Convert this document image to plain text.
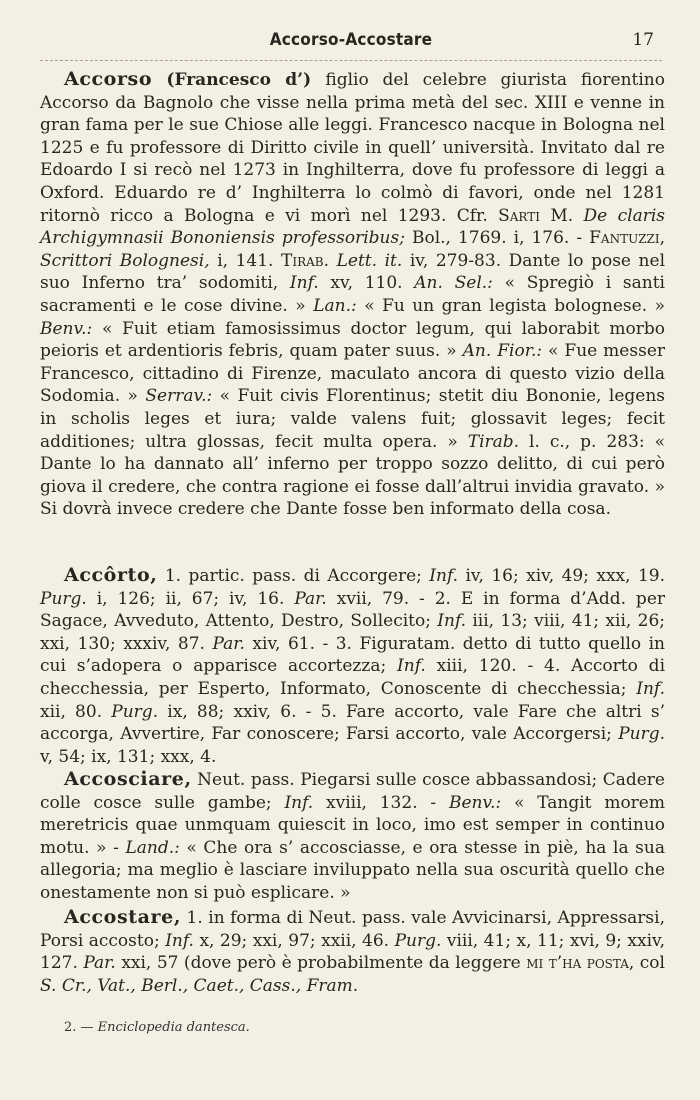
Accorso-Accostare	17

Accorso (Francesco d’) figlio del celebre giurista fiorentino Accorso da Bagnolo che visse nella prima metà del sec. XIII e venne in gran fama per le sue Chiose alle leggi. Francesco nacque in Bologna nel 1225 e fu professore di Diritto civile in quell’ università. Invitato dal re Edoardo I si recò nel 1273 in Inghilterra, dove fu professore di leggi a Oxford. Eduardo re d’ Inghilterra lo colmò di favori, onde nel 1281 ritornò ricco a Bologna e vi morì nel 1293. Cfr. Sarti M. De claris Archigymnasii Bononiensis professoribus; Bol., 1769. i, 176. - Fantuzzi, Scrittori Bolognesi, i, 141. Tirab. Lett. it. iv, 279-83. Dante lo pose nel suo Inferno tra’ sodomiti, Inf. xv, 110. An. Sel.: « Spregiò i santi sacramenti e le cose divine. » Lan.: « Fu un gran legista bolognese. » Benv.: « Fuit etiam famosissimus doctor legum, qui laborabit morbo peioris et ardentioris febris, quam pater suus. » An. Fior.: « Fue messer Francesco, cittadino di Firenze, maculato ancora di questo vizio della Sodomia. » Serrav.: « Fuit civis Florentinus; stetit diu Bononie, legens in scholis leges et iura; valde valens fuit; glossavit leges; fecit additiones; ultra glossas, fecit multa opera. » Tirab. l. c., p. 283: « Dante lo ha dannato all’ inferno per troppo sozzo delitto, di cui però giova il credere, che contra ragione ei fosse dall’altrui invidia gravato. » Si dovrà invece credere che Dante fosse ben informato della cosa.

Accôrto, 1. partic. pass. di Accorgere; Inf. iv, 16; xiv, 49; xxx, 19. Purg. i, 126; ii, 67; iv, 16. Par. xvii, 79. - 2. E in forma d’Add. per Sagace, Avveduto, Attento, Destro, Sollecito; Inf. iii, 13; viii, 41; xii, 26; xxi, 130; xxxiv, 87. Par. xiv, 61. - 3. Figuratam. detto di tutto quello in cui s’adopera o apparisce accortezza; Inf. xiii, 120. - 4. Accorto di checchessia, per Esperto, Informato, Conoscente di checchessia; Inf. xii, 80. Purg. ix, 88; xxiv, 6. - 5. Fare accorto, vale Fare che altri s’ accorga, Avvertire, Far conoscere; Farsi accorto, vale Accorgersi; Purg. v, 54; ix, 131; xxx, 4.

Accosciare, Neut. pass. Piegarsi sulle cosce abbassandosi; Cadere colle cosce sulle gambe; Inf. xviii, 132. - Benv.: « Tangit morem meretricis quae unmquam quiescit in loco, imo est semper in continuo motu. » - Land.: « Che ora s’ accosciasse, e ora stesse in piè, ha la sua allegoria; ma meglio è lasciare inviluppato nella sua oscurità quello che onestamente non si può esplicare. »

Accostare, 1. in forma di Neut. pass. vale Avvicinarsi, Appressarsi, Porsi accosto; Inf. x, 29; xxi, 97; xxii, 46. Purg. viii, 41; x, 11; xvi, 9; xxiv, 127. Par. xxi, 57 (dove però è probabilmente da leggere mi t’ha posta, col S. Cr., Vat., Berl., Caet., Cass., Fram.

2. — Enciclopedia dantesca.
